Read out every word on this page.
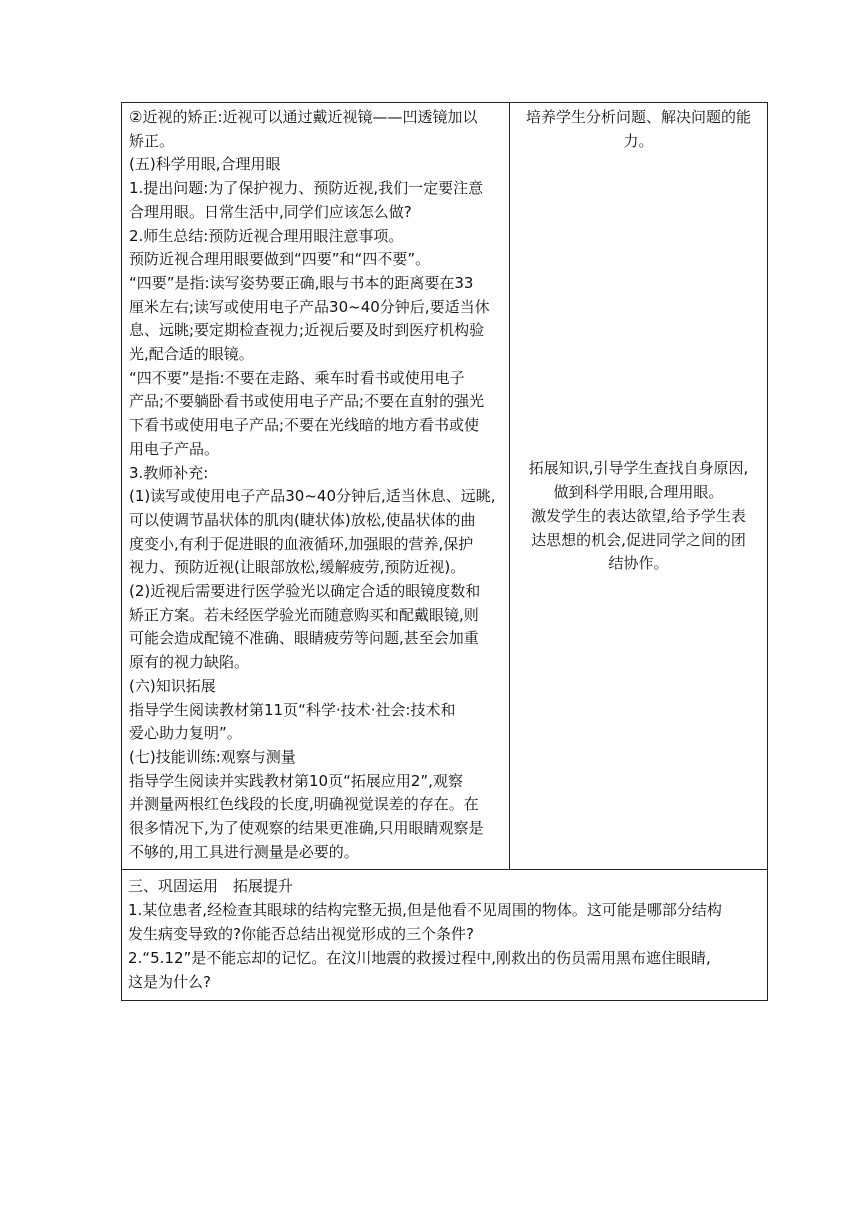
②近视的矫正:近视可以通过戴近视镜——凹透镜加以
矫正。
(五)科学用眼,合理用眼
1.提出问题:为了保护视力、预防近视,我们一定要注意
合理用眼。日常生活中,同学们应该怎么做?
2.师生总结:预防近视合理用眼注意事项。
预防近视合理用眼要做到“四要”和“四不要”。
“四要”是指:读写姿势要正确,眼与书本的距离要在33
厘米左右;读写或使用电子产品30~40分钟后,要适当休
息、远眺;要定期检查视力;近视后要及时到医疗机构验
光,配合适的眼镜。
“四不要”是指:不要在走路、乘车时看书或使用电子
产品;不要躺卧看书或使用电子产品;不要在直射的强光
下看书或使用电子产品;不要在光线暗的地方看书或使
用电子产品。
3.教师补充:
(1)读写或使用电子产品30~40分钟后,适当休息、远眺,
可以使调节晶状体的肌肉(睫状体)放松,使晶状体的曲
度变小,有利于促进眼的血液循环,加强眼的营养,保护
视力、预防近视(让眼部放松,缓解疲劳,预防近视)。
(2)近视后需要进行医学验光以确定合适的眼镜度数和
矫正方案。若未经医学验光而随意购买和配戴眼镜,则
可能会造成配镜不准确、眼睛疲劳等问题,甚至会加重
原有的视力缺陷。
(六)知识拓展
指导学生阅读教材第11页“科学·技术·社会:技术和
爱心助力复明”。
(七)技能训练:观察与测量
指导学生阅读并实践教材第10页“拓展应用2”,观察
并测量两根红色线段的长度,明确视觉误差的存在。在
很多情况下,为了使观察的结果更准确,只用眼睛观察是
不够的,用工具进行测量是必要的。

培养学生分析问题、解决问题的能
力。
拓展知识,引导学生查找自身原因,
做到科学用眼,合理用眼。
激发学生的表达欲望,给予学生表
达思想的机会,促进同学之间的团
结协作。

三、巩固运用　拓展提升
1.某位患者,经检查其眼球的结构完整无损,但是他看不见周围的物体。这可能是哪部分结构
发生病变导致的?你能否总结出视觉形成的三个条件?
2.“5.12”是不能忘却的记忆。在汶川地震的救援过程中,刚救出的伤员需用黑布遮住眼睛,
这是为什么?
